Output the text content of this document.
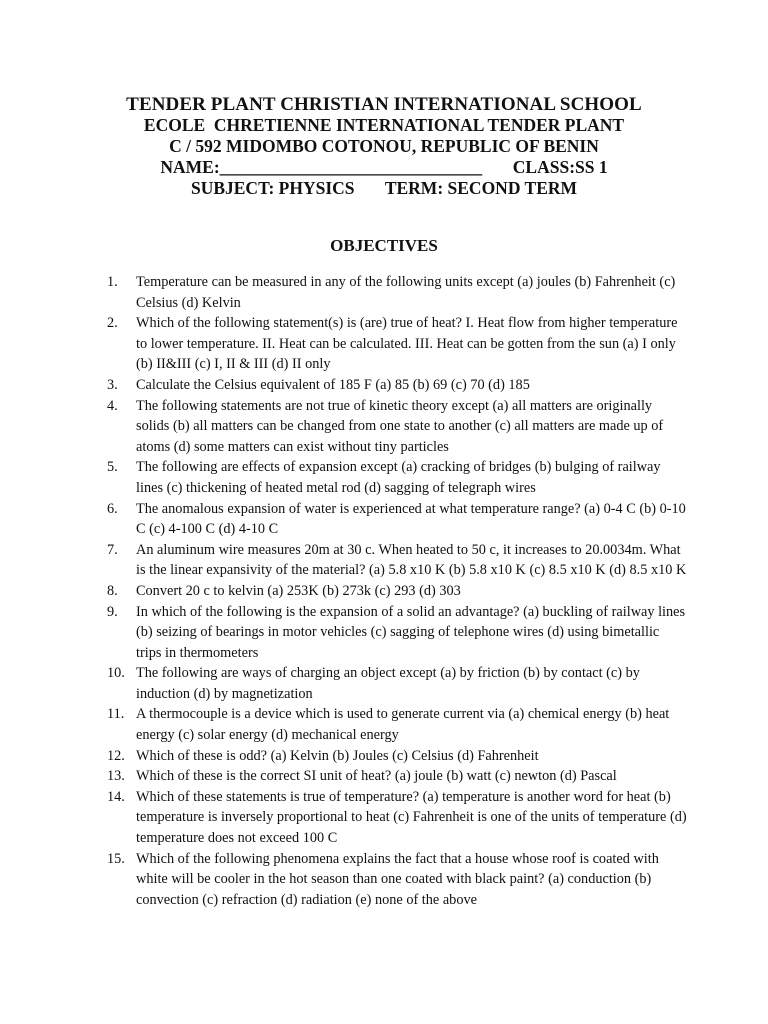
TENDER PLANT CHRISTIAN INTERNATIONAL SCHOOL
ECOLE  CHRETIENNE INTERNATIONAL TENDER PLANT
C / 592 MIDOMBO COTONOU, REPUBLIC OF BENIN
NAME:______________________________ CLASS:SS 1
SUBJECT: PHYSICS TERM: SECOND TERM
OBJECTIVES
1.	Temperature can be measured in any of the following units except (a) joules (b) Fahrenheit (c) Celsius (d) Kelvin
2.	Which of the following statement(s) is (are) true of heat? I. Heat flow from higher temperature to lower temperature. II. Heat can be calculated. III. Heat can be gotten from the sun (a) I only (b) II&III (c) I, II & III (d) II only
3.	Calculate the Celsius equivalent of 185 F (a) 85 (b) 69 (c) 70 (d) 185
4.	The following statements are not true of kinetic theory except (a) all matters are originally solids (b) all matters can be changed from one state to another (c) all matters are made up of atoms (d) some matters can exist without tiny particles
5.	The following are effects of expansion except (a) cracking of bridges (b) bulging of railway lines (c) thickening of heated metal rod (d) sagging of telegraph wires
6.	The anomalous expansion of water is experienced at what temperature range? (a) 0-4 C (b) 0-10 C (c) 4-100 C (d) 4-10 C
7.	An aluminum wire measures 20m at 30 c. When heated to 50 c, it increases to 20.0034m. What is the linear expansivity of the material? (a) 5.8 x10 K (b) 5.8 x10 K (c) 8.5 x10 K (d) 8.5 x10 K
8.	Convert 20 c to kelvin (a) 253K (b) 273k (c) 293 (d) 303
9.	In which of the following is the expansion of a solid an advantage? (a) buckling of railway lines (b) seizing of bearings in motor vehicles (c) sagging of telephone wires (d) using bimetallic trips in thermometers
10. The following are ways of charging an object except (a) by friction (b) by contact (c) by induction (d) by magnetization
11. A thermocouple is a device which is used to generate current via (a) chemical energy (b) heat energy (c) solar energy (d) mechanical energy
12. Which of these is odd? (a) Kelvin (b) Joules (c) Celsius (d) Fahrenheit
13. Which of these is the correct SI unit of heat? (a) joule (b) watt (c) newton (d) Pascal
14. Which of these statements is true of temperature? (a) temperature is another word for heat (b) temperature is inversely proportional to heat (c) Fahrenheit is one of the units of temperature (d) temperature does not exceed 100 C
15. Which of the following phenomena explains the fact that a house whose roof is coated with white will be cooler in the hot season than one coated with black paint? (a) conduction (b) convection (c) refraction (d) radiation (e) none of the above
